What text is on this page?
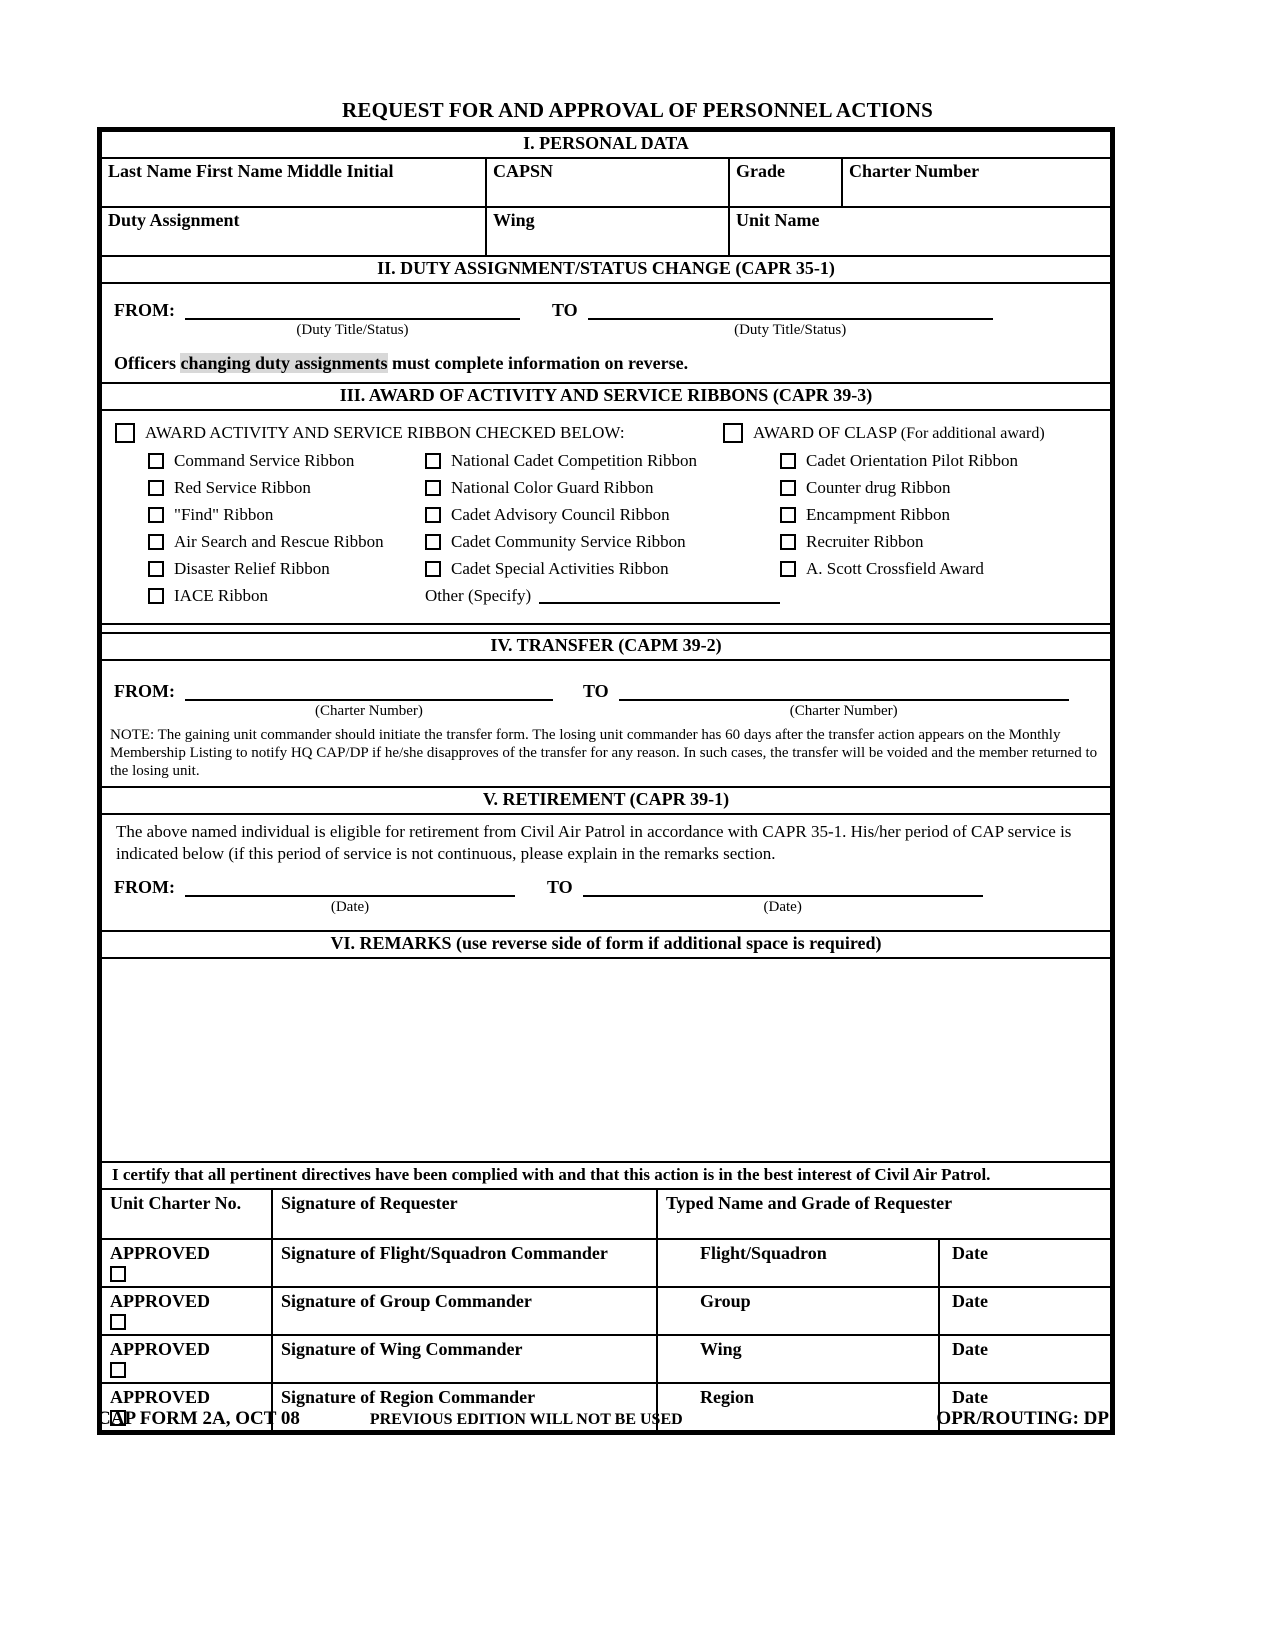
REQUEST FOR AND APPROVAL OF PERSONNEL ACTIONS
I. PERSONAL DATA
Last Name First Name Middle Initial	CAPSN	Grade	Charter Number
Duty Assignment	Wing	Unit Name
II. DUTY ASSIGNMENT/STATUS CHANGE (CAPR 35-1)
FROM:
(Duty Title/Status)
TO
(Duty Title/Status)
Officers changing duty assignments must complete information on reverse.
III. AWARD OF ACTIVITY AND SERVICE RIBBONS (CAPR 39-3)
AWARD ACTIVITY AND SERVICE RIBBON CHECKED BELOW:	AWARD OF CLASP (For additional award)
Command Service Ribbon
Red Service Ribbon
"Find" Ribbon
Air Search and Rescue Ribbon
Disaster Relief Ribbon
IACE Ribbon
National Cadet Competition Ribbon
National Color Guard Ribbon
Cadet Advisory Council Ribbon
Cadet Community Service Ribbon
Cadet Special Activities Ribbon
Other (Specify)
Cadet Orientation Pilot Ribbon
Counter drug Ribbon
Encampment Ribbon
Recruiter Ribbon
A. Scott Crossfield Award
IV. TRANSFER (CAPM 39-2)
FROM:
(Charter Number)
TO
(Charter Number)
NOTE: The gaining unit commander should initiate the transfer form. The losing unit commander has 60 days after the transfer action appears on the Monthly Membership Listing to notify HQ CAP/DP if he/she disapproves of the transfer for any reason. In such cases, the transfer will be voided and the member returned to the losing unit.
V. RETIREMENT (CAPR 39-1)
The above named individual is eligible for retirement from Civil Air Patrol in accordance with CAPR 35-1. His/her period of CAP service is indicated below (if this period of service is not continuous, please explain in the remarks section.
FROM:
(Date)
TO
(Date)
VI. REMARKS (use reverse side of form if additional space is required)
I certify that all pertinent directives have been complied with and that this action is in the best interest of Civil Air Patrol.
Unit Charter No.	Signature of Requester	Typed Name and Grade of Requester
APPROVED	Signature of Flight/Squadron Commander	Flight/Squadron	Date
APPROVED	Signature of Group Commander	Group	Date
APPROVED	Signature of Wing Commander	Wing	Date
APPROVED	Signature of Region Commander	Region	Date
CAP FORM 2A, OCT 08	PREVIOUS EDITION WILL NOT BE USED	OPR/ROUTING: DP
